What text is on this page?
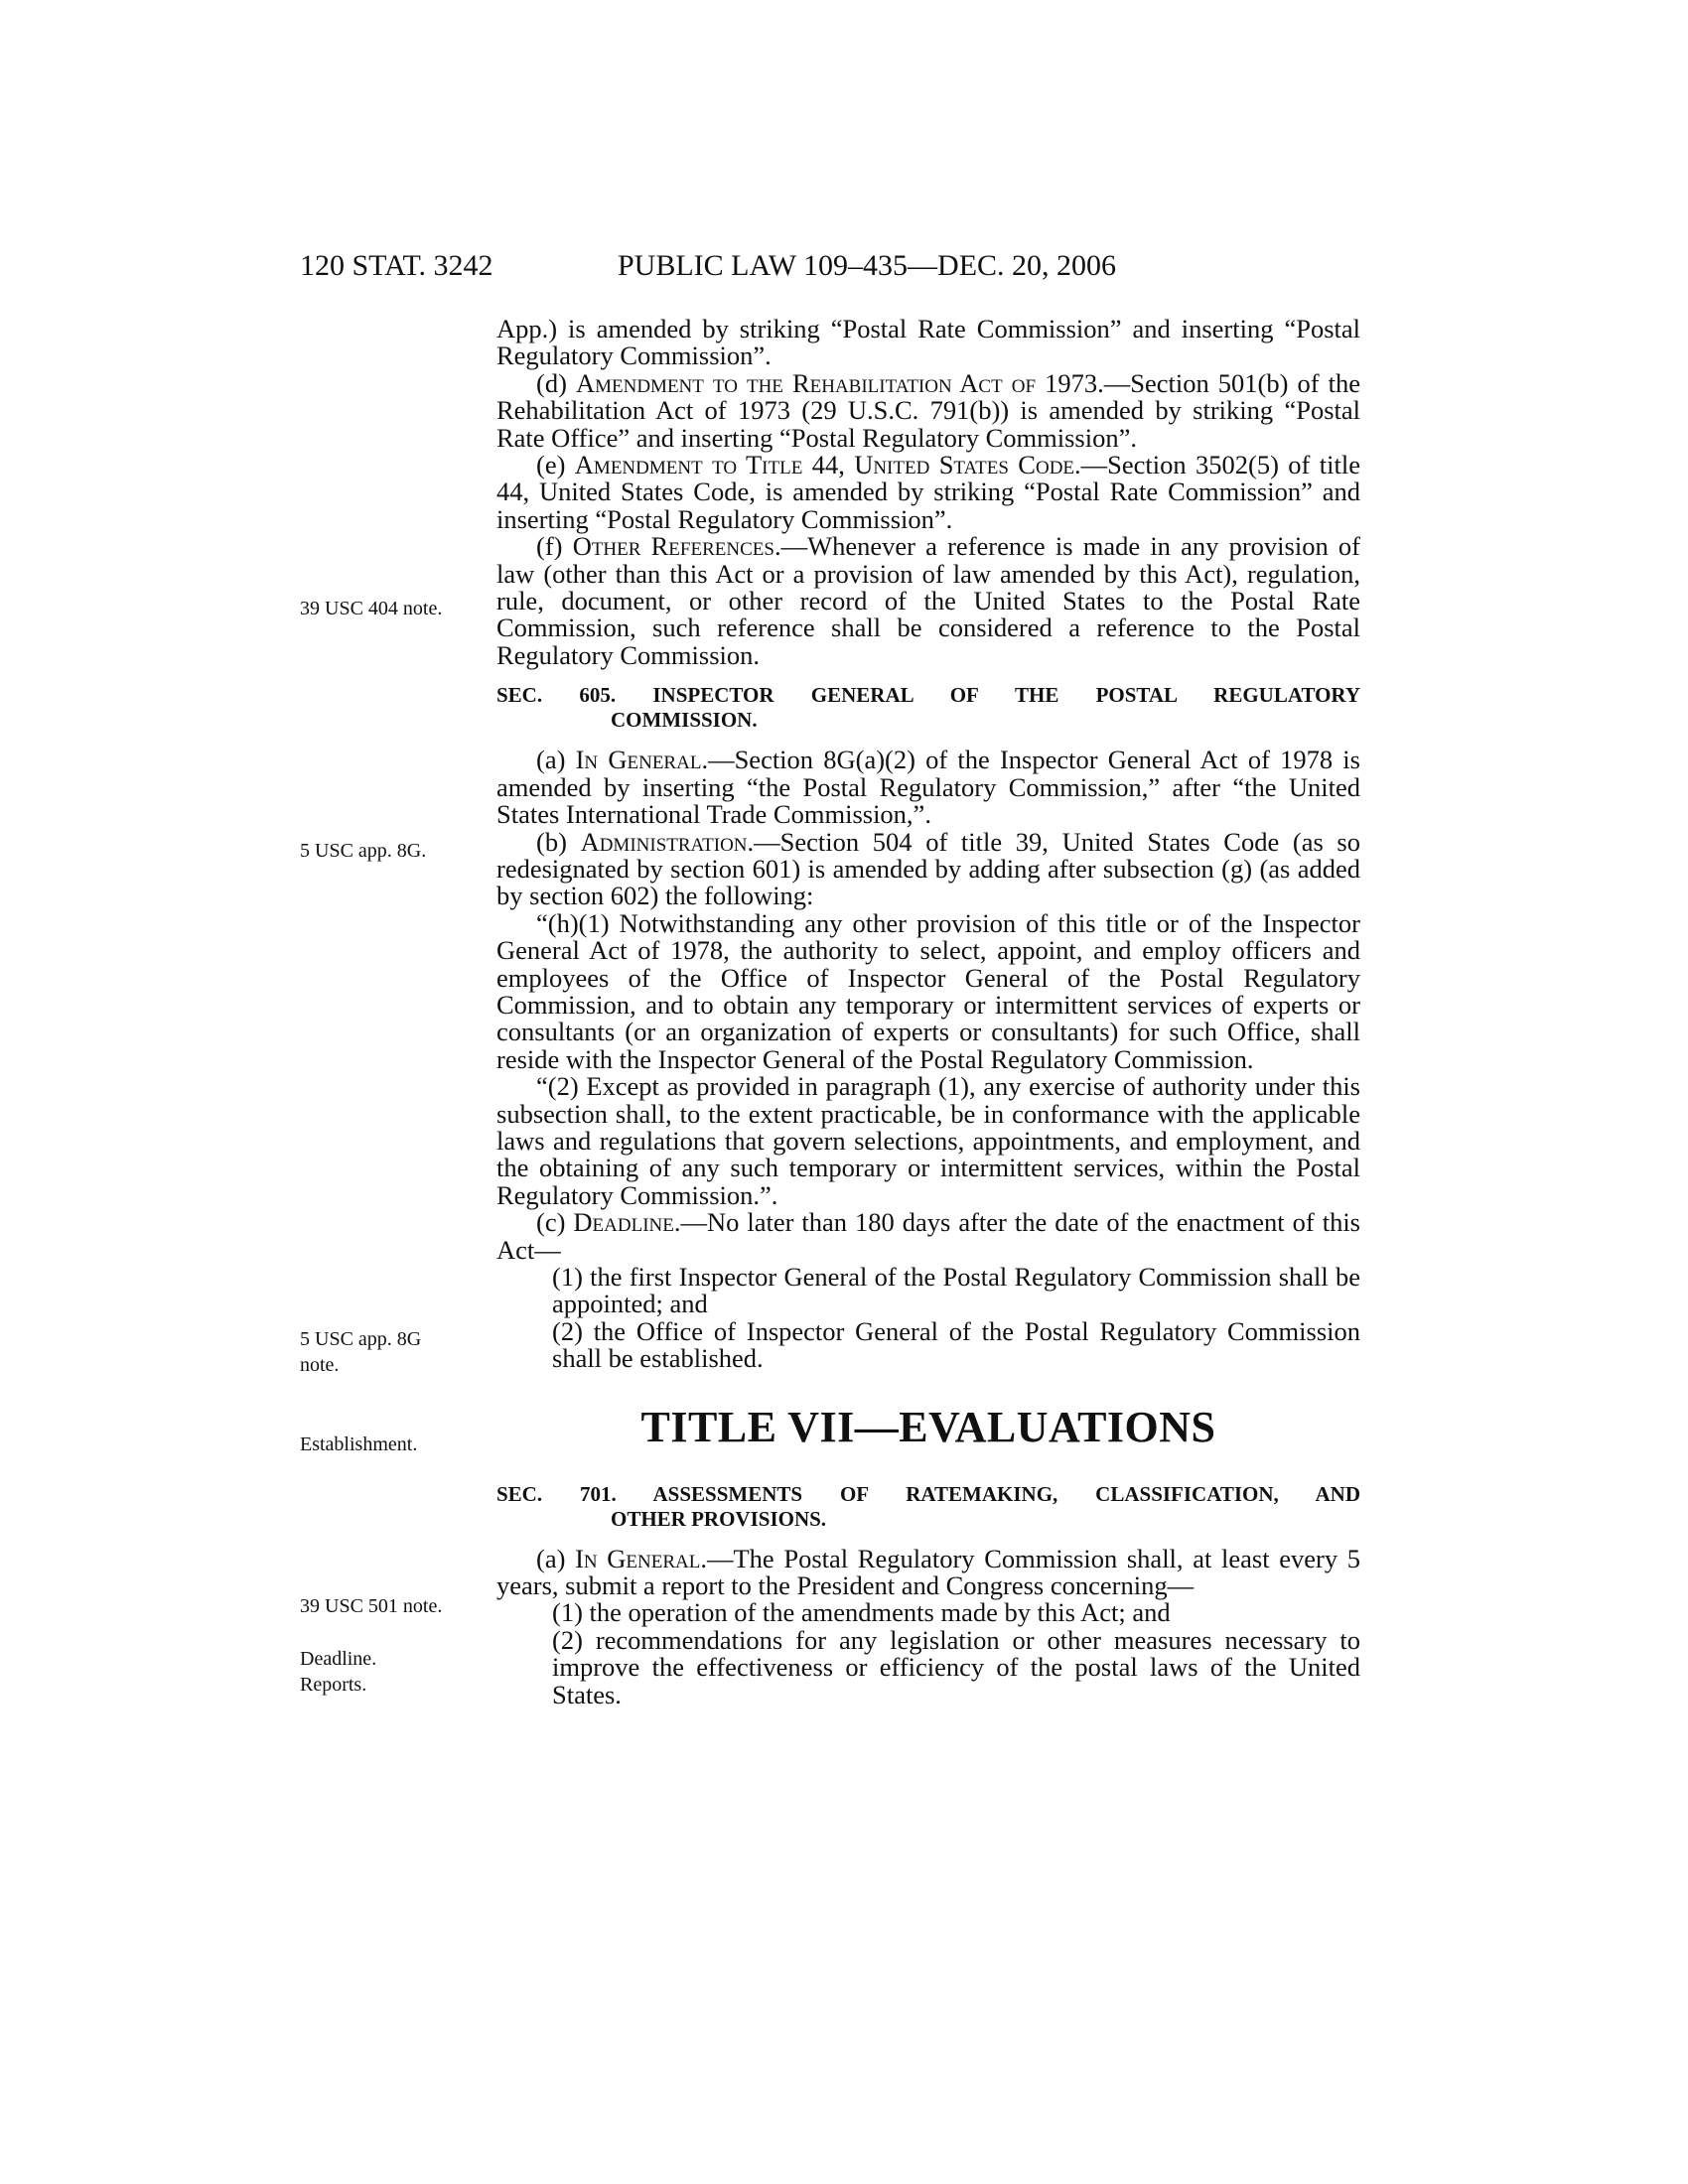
120 STAT. 3242	PUBLIC LAW 109–435—DEC. 20, 2006
39 USC 404 note.
5 USC app. 8G.
5 USC app. 8G note.
Establishment.
39 USC 501 note.
Deadline. Reports.

App.) is amended by striking “Postal Rate Commission” and inserting “Postal Regulatory Commission”.

(d) Amendment to the Rehabilitation Act of 1973.—Section 501(b) of the Rehabilitation Act of 1973 (29 U.S.C. 791(b)) is amended by striking “Postal Rate Office” and inserting “Postal Regulatory Commission”.

(e) Amendment to Title 44, United States Code.—Section 3502(5) of title 44, United States Code, is amended by striking “Postal Rate Commission” and inserting “Postal Regulatory Commission”.

(f) Other References.—Whenever a reference is made in any provision of law (other than this Act or a provision of law amended by this Act), regulation, rule, document, or other record of the United States to the Postal Rate Commission, such reference shall be considered a reference to the Postal Regulatory Commission.

SEC. 605. INSPECTOR GENERAL OF THE POSTAL REGULATORY
COMMISSION.

(a) In General.—Section 8G(a)(2) of the Inspector General Act of 1978 is amended by inserting “the Postal Regulatory Commission,” after “the United States International Trade Commission,”.

(b) Administration.—Section 504 of title 39, United States Code (as so redesignated by section 601) is amended by adding after subsection (g) (as added by section 602) the following:

“(h)(1) Notwithstanding any other provision of this title or of the Inspector General Act of 1978, the authority to select, appoint, and employ officers and employees of the Office of Inspector General of the Postal Regulatory Commission, and to obtain any temporary or intermittent services of experts or consultants (or an organization of experts or consultants) for such Office, shall reside with the Inspector General of the Postal Regulatory Commission.

“(2) Except as provided in paragraph (1), any exercise of authority under this subsection shall, to the extent practicable, be in conformance with the applicable laws and regulations that govern selections, appointments, and employment, and the obtaining of any such temporary or intermittent services, within the Postal Regulatory Commission.”.

(c) Deadline.—No later than 180 days after the date of the enactment of this Act—

(1) the first Inspector General of the Postal Regulatory Commission shall be appointed; and

(2) the Office of Inspector General of the Postal Regulatory Commission shall be established.

TITLE VII—EVALUATIONS
SEC. 701. ASSESSMENTS OF RATEMAKING, CLASSIFICATION, AND
OTHER PROVISIONS.

(a) In General.—The Postal Regulatory Commission shall, at least every 5 years, submit a report to the President and Congress concerning—

(1) the operation of the amendments made by this Act; and

(2) recommendations for any legislation or other measures necessary to improve the effectiveness or efficiency of the postal laws of the United States.
